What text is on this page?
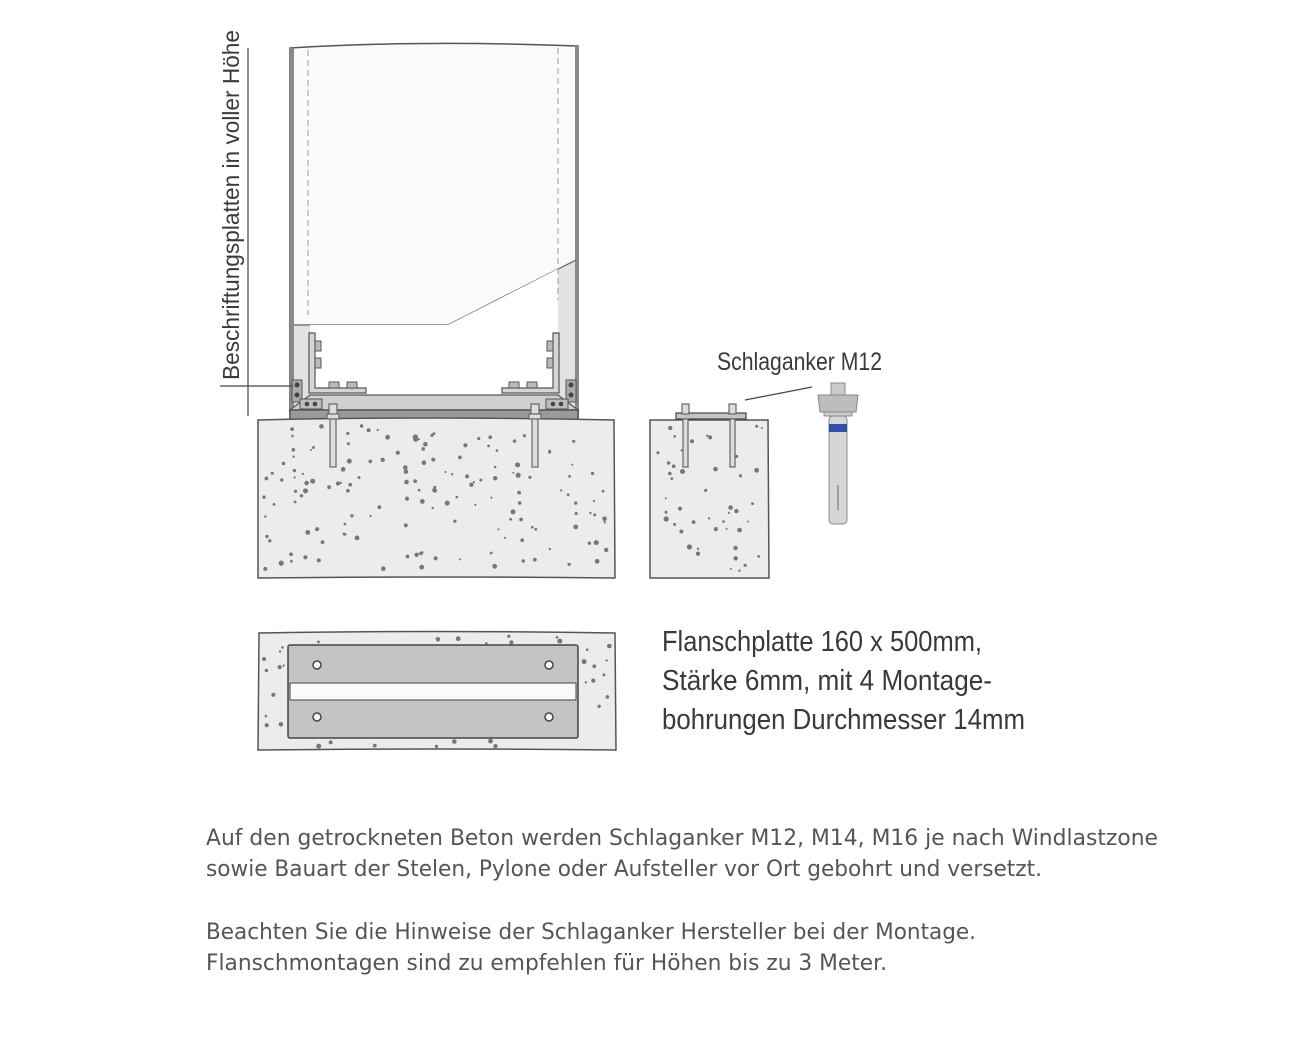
Beschriftungsplatten in voller Höhe	Schlaganker M12
Flanschplatte 160 x 500mm,
Stärke 6mm, mit 4 Montage-
bohrungen Durchmesser 14mm
Auf den getrockneten Beton werden Schlaganker M12, M14, M16 je nach Windlastzone
sowie Bauart der Stelen, Pylone oder Aufsteller vor Ort gebohrt und versetzt.
Beachten Sie die Hinweise der Schlaganker Hersteller bei der Montage.
Flanschmontagen sind zu empfehlen für Höhen bis zu 3 Meter.
